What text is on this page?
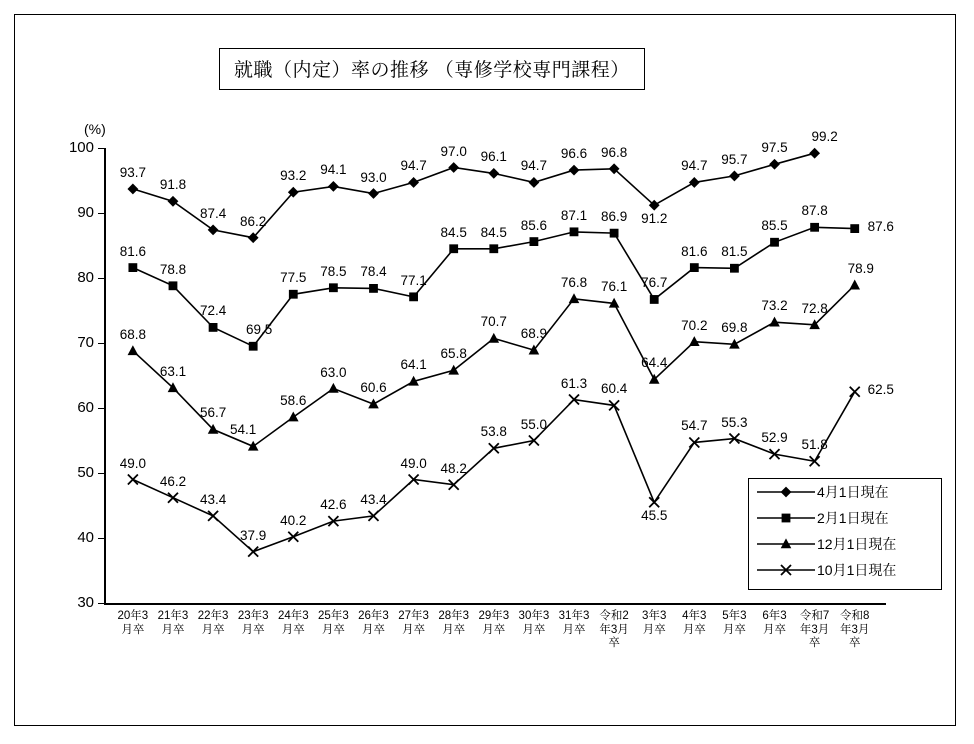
就職（内定）率の推移 （専修学校専門課程）
(%)
30
40
50
60
70
80
90
100
20年3
月卒
21年3
月卒
22年3
月卒
23年3
月卒
24年3
月卒
25年3
月卒
26年3
月卒
27年3
月卒
28年3
月卒
29年3
月卒
30年3
月卒
31年3
月卒
令和2
年3月
卒
3年3
月卒
4年3
月卒
5年3
月卒
6年3
月卒
令和7
年3月
卒
令和8
年3月
卒
93.7
91.8
87.4
86.2
93.2 94.1 93.0
94.7
97.0 96.1
94.7
96.6 96.8
91.2
94.7 95.7
97.5
99.2
81.6
78.8
72.4
69.5
77.5 78.5 78.4
77.1
84.5 84.5 85.6
87.1 86.9
76.7
81.6 81.5
85.5
87.8
87.6
68.8
63.1
56.7
54.1
58.6
63.0
60.6
64.1
65.8
70.7
68.9
76.8 76.1
64.4
70.2 69.8
73.2 72.8
78.9
49.0
46.2
43.4
37.9
40.2
42.6 43.4
49.0 48.2
53.8
55.0
61.3 60.4
45.5
54.7 55.3
52.9 51.8
62.5
4月1日現在
2月1日現在
12月1日現在
10月1日現在
